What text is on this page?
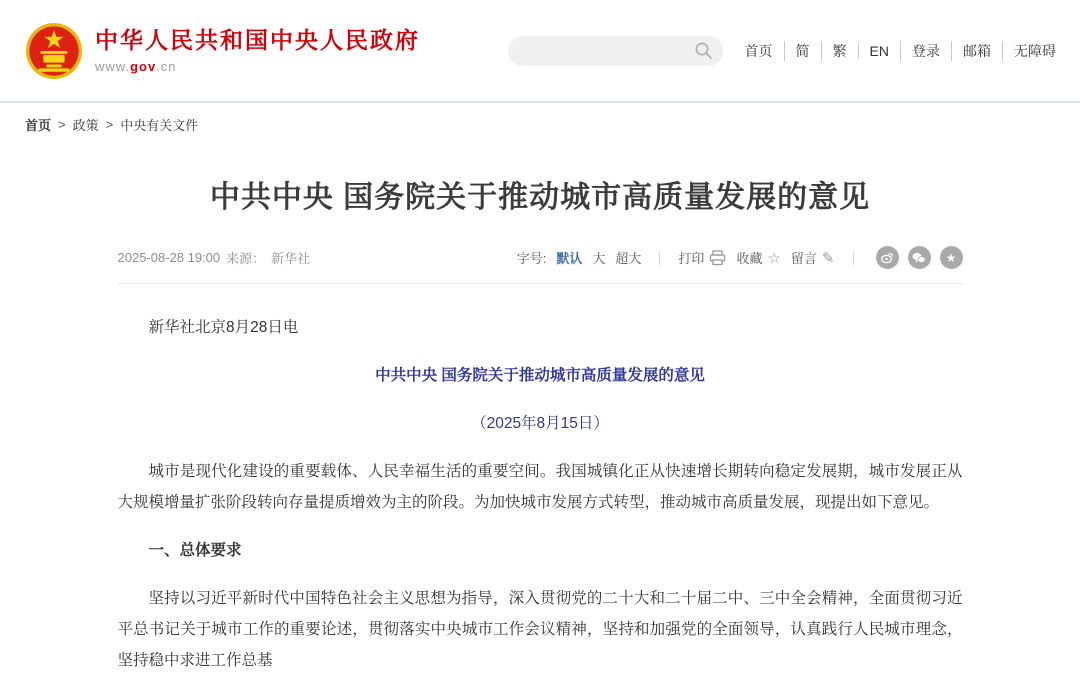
中华人民共和国中央人民政府
www.gov.cn
首页	简	繁	EN	登录	邮箱	无障碍
首页 > 政策 > 中央有关文件
中共中央 国务院关于推动城市高质量发展的意见
2025-08-28 19:00 来源： 新华社	字号: 默认 大 超大	打印 收藏 ☆ 留言 ✎	★

新华社北京8月28日电

中共中央 国务院关于推动城市高质量发展的意见

（2025年8月15日）

城市是现代化建设的重要载体、人民幸福生活的重要空间。我国城镇化正从快速增长期转向稳定发展期，城市发展正从大规模增量扩张阶段转向存量提质增效为主的阶段。为加快城市发展方式转型，推动城市高质量发展，现提出如下意见。

一、总体要求

坚持以习近平新时代中国特色社会主义思想为指导，深入贯彻党的二十大和二十届二中、三中全会精神，全面贯彻习近平总书记关于城市工作的重要论述，贯彻落实中央城市工作会议精神，坚持和加强党的全面领导，认真践行人民城市理念，坚持稳中求进工作总基
